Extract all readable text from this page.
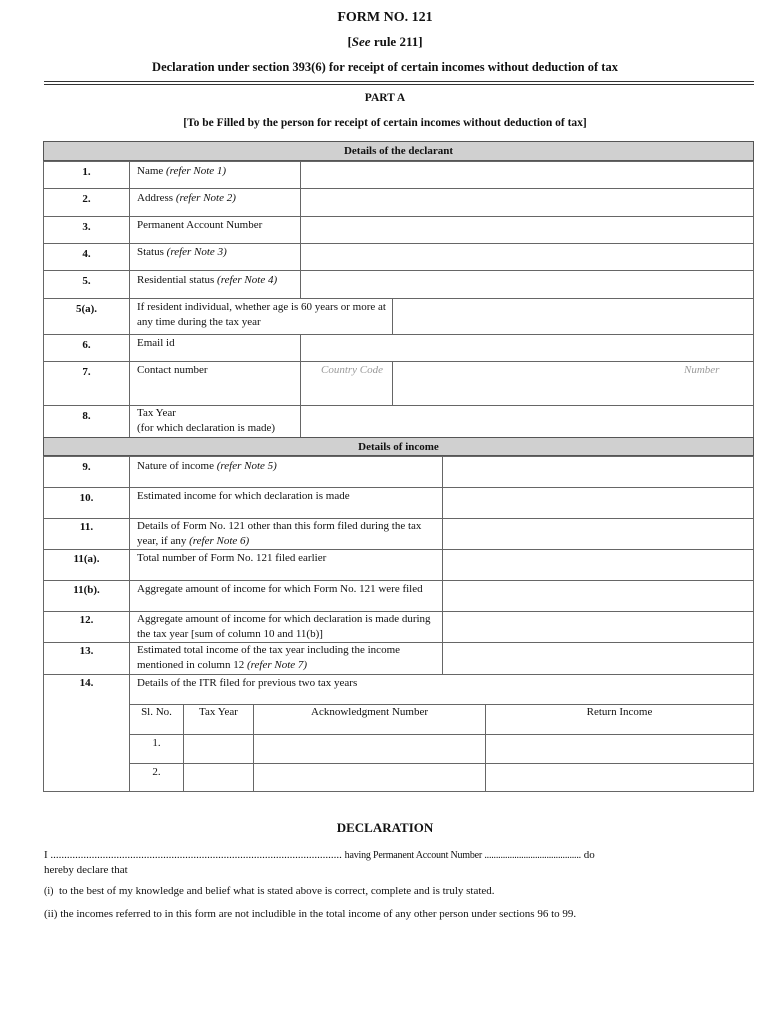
FORM NO. 121
[See rule 211]
Declaration under section 393(6) for receipt of certain incomes without deduction of tax
PART A
[To be Filled by the person for receipt of certain incomes without deduction of tax]
Details of the declarant
1.	Name (refer Note 1)
2.	Address (refer Note 2)
3.	Permanent Account Number
4.	Status (refer Note 3)
5.	Residential status (refer Note 4)
5(a).	If resident individual, whether age is 60 years or more at any time during the tax year
6.	Email id
7.	Contact number	Country Code	Number
8.	Tax Year
(for which declaration is made)
Details of income
9.	Nature of income (refer Note 5)
10.	Estimated income for which declaration is made
11.	Details of Form No. 121 other than this form filed during the tax year, if any (refer Note 6)
11(a).	Total number of Form No. 121 filed earlier
11(b).	Aggregate amount of income for which Form No. 121 were filed
12.	Aggregate amount of income for which declaration is made during the tax year [sum of column 10 and 11(b)]
13.	Estimated total income of the tax year including the income mentioned in column 12 (refer Note 7)
14.	Details of the ITR filed for previous two tax years
Sl. No.	Tax Year	Acknowledgment Number	Return Income
1.
2.
DECLARATION
I .......................................................................................................... having Permanent Account Number .......................................... do
hereby declare that
(i) to the best of my knowledge and belief what is stated above is correct, complete and is truly stated.
(ii) the incomes referred to in this form are not includible in the total income of any other person under sections 96 to 99.
